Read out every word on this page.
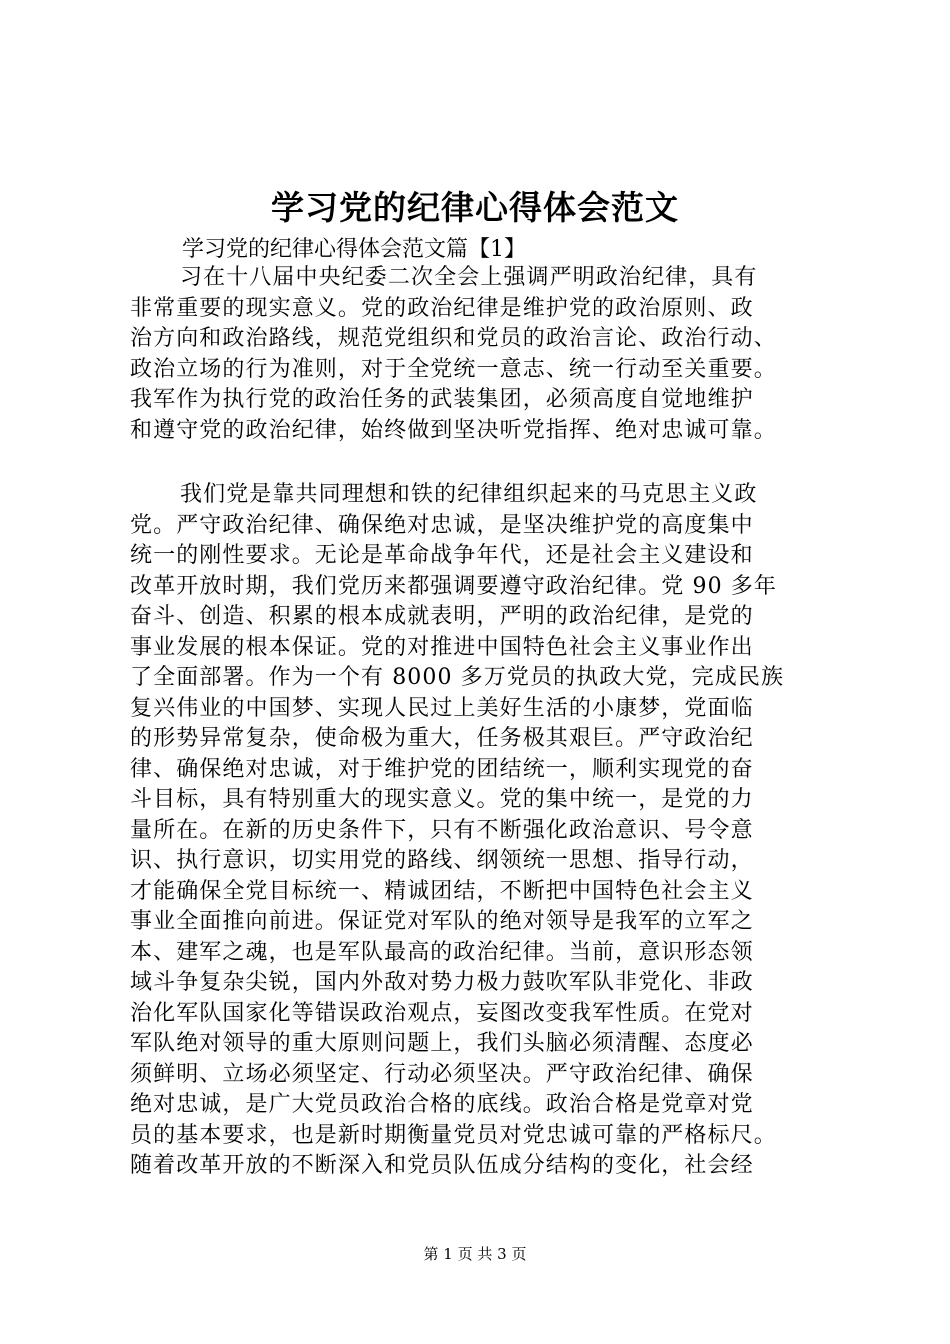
学习党的纪律心得体会范文
学习党的纪律心得体会范文篇【1】
习在十八届中央纪委二次全会上强调严明政治纪律，具有
非常重要的现实意义。党的政治纪律是维护党的政治原则、政
治方向和政治路线，规范党组织和党员的政治言论、政治行动、
政治立场的行为准则，对于全党统一意志、统一行动至关重要。
我军作为执行党的政治任务的武装集团，必须高度自觉地维护
和遵守党的政治纪律，始终做到坚决听党指挥、绝对忠诚可靠。
我们党是靠共同理想和铁的纪律组织起来的马克思主义政
党。严守政治纪律、确保绝对忠诚，是坚决维护党的高度集中
统一的刚性要求。无论是革命战争年代，还是社会主义建设和
改革开放时期，我们党历来都强调要遵守政治纪律。党 90 多年
奋斗、创造、积累的根本成就表明，严明的政治纪律，是党的
事业发展的根本保证。党的对推进中国特色社会主义事业作出
了全面部署。作为一个有 8000 多万党员的执政大党，完成民族
复兴伟业的中国梦、实现人民过上美好生活的小康梦，党面临
的形势异常复杂，使命极为重大，任务极其艰巨。严守政治纪
律、确保绝对忠诚，对于维护党的团结统一，顺利实现党的奋
斗目标，具有特别重大的现实意义。党的集中统一，是党的力
量所在。在新的历史条件下，只有不断强化政治意识、号令意
识、执行意识，切实用党的路线、纲领统一思想、指导行动，
才能确保全党目标统一、精诚团结，不断把中国特色社会主义
事业全面推向前进。保证党对军队的绝对领导是我军的立军之
本、建军之魂，也是军队最高的政治纪律。当前，意识形态领
域斗争复杂尖锐，国内外敌对势力极力鼓吹军队非党化、非政
治化军队国家化等错误政治观点，妄图改变我军性质。在党对
军队绝对领导的重大原则问题上，我们头脑必须清醒、态度必
须鲜明、立场必须坚定、行动必须坚决。严守政治纪律、确保
绝对忠诚，是广大党员政治合格的底线。政治合格是党章对党
员的基本要求，也是新时期衡量党员对党忠诚可靠的严格标尺。
随着改革开放的不断深入和党员队伍成分结构的变化，社会经
第 1 页 共 3 页
